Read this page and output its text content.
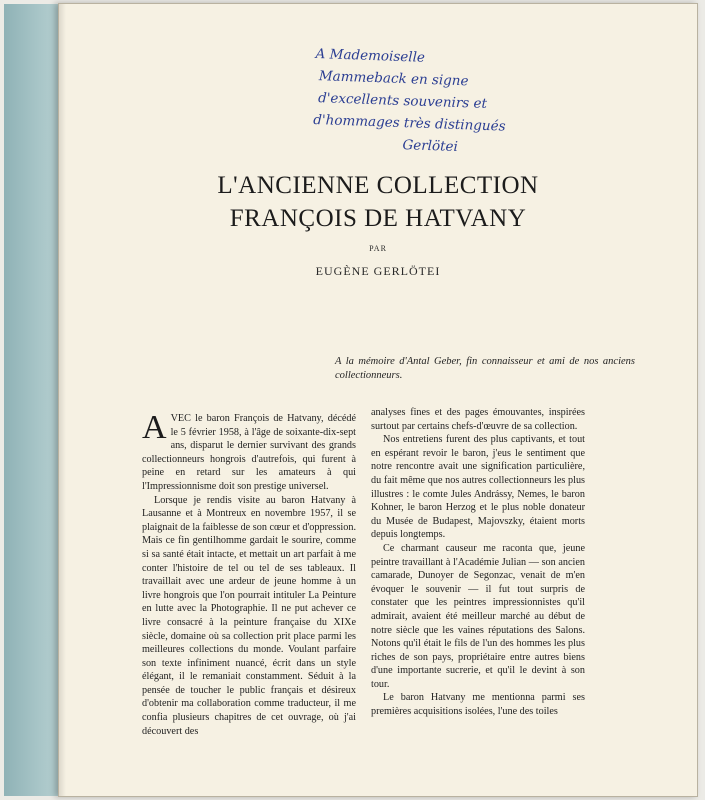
A Mademoiselle
Mammeback en signe
d'excellents souvenirs et
d'hommages très distingués
Gerlötei
L'ANCIENNE COLLECTION
FRANÇOIS DE HATVANY
PAR
EUGÈNE GERLÖTEI
A la mémoire d'Antal Geber, fin connaisseur et ami de nos anciens collectionneurs.

AVEC le baron François de Hatvany, décédé le 5 février 1958, à l'âge de soixante-dix-sept ans, disparut le dernier survivant des grands collectionneurs hongrois d'autrefois, qui furent à peine en retard sur les amateurs à qui l'Impressionnisme doit son prestige universel.

Lorsque je rendis visite au baron Hatvany à Lausanne et à Montreux en novembre 1957, il se plaignait de la faiblesse de son cœur et d'oppression. Mais ce fin gentilhomme gardait le sourire, comme si sa santé était intacte, et mettait un art parfait à me conter l'histoire de tel ou tel de ses tableaux. Il travaillait avec une ardeur de jeune homme à un livre hongrois que l'on pourrait intituler La Peinture en lutte avec la Photographie. Il ne put achever ce livre consacré à la peinture française du XIXe siècle, domaine où sa collection prit place parmi les meilleures collections du monde. Voulant parfaire son texte infiniment nuancé, écrit dans un style élégant, il le remaniait constamment. Séduit à la pensée de toucher le public français et désireux d'obtenir ma collaboration comme traducteur, il me confia plusieurs chapitres de cet ouvrage, où j'ai découvert des

analyses fines et des pages émouvantes, inspirées surtout par certains chefs-d'œuvre de sa collection.

Nos entretiens furent des plus captivants, et tout en espérant revoir le baron, j'eus le sentiment que notre rencontre avait une signification particulière, du fait même que nos autres collectionneurs les plus illustres : le comte Jules Andrássy, Nemes, le baron Kohner, le baron Herzog et le plus noble donateur du Musée de Budapest, Majovszky, étaient morts depuis longtemps.

Ce charmant causeur me raconta que, jeune peintre travaillant à l'Académie Julian — son ancien camarade, Dunoyer de Segonzac, venait de m'en évoquer le souvenir — il fut tout surpris de constater que les peintres impressionnistes qu'il admirait, avaient été meilleur marché au début de notre siècle que les vaines réputations des Salons. Notons qu'il était le fils de l'un des hommes les plus riches de son pays, propriétaire entre autres biens d'une importante sucrerie, et qu'il le devint à son tour.

Le baron Hatvany me mentionna parmi ses premières acquisitions isolées, l'une des toiles
